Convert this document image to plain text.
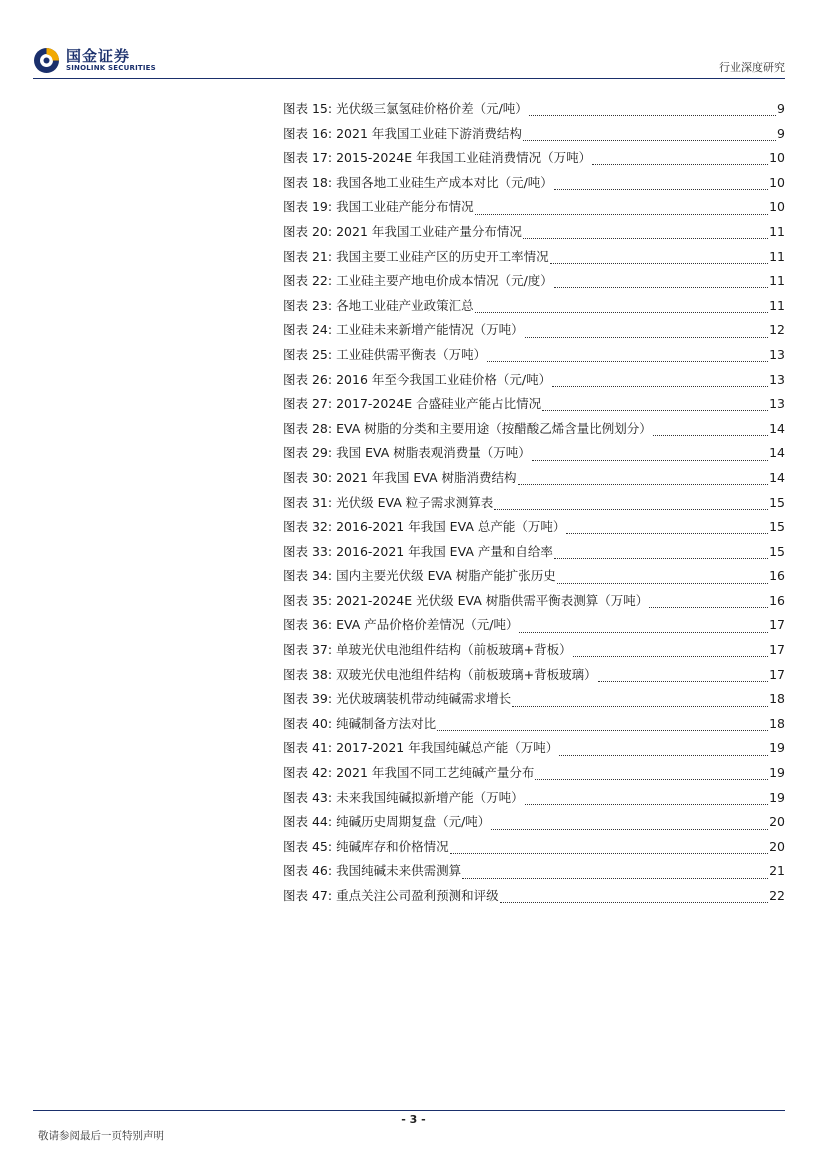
国金证券
SINOLINK SECURITIES	行业深度研究
图表 15: 光伏级三氯氢硅价格价差（元/吨）	9
图表 16: 2021 年我国工业硅下游消费结构	9
图表 17: 2015-2024E 年我国工业硅消费情况（万吨）	10
图表 18: 我国各地工业硅生产成本对比（元/吨）	10
图表 19: 我国工业硅产能分布情况	10
图表 20: 2021 年我国工业硅产量分布情况	11
图表 21: 我国主要工业硅产区的历史开工率情况	11
图表 22: 工业硅主要产地电价成本情况（元/度）	11
图表 23: 各地工业硅产业政策汇总	11
图表 24: 工业硅未来新增产能情况（万吨）	12
图表 25: 工业硅供需平衡表（万吨）	13
图表 26: 2016 年至今我国工业硅价格（元/吨）	13
图表 27: 2017-2024E 合盛硅业产能占比情况	13
图表 28: EVA 树脂的分类和主要用途（按醋酸乙烯含量比例划分）	14
图表 29: 我国 EVA 树脂表观消费量（万吨）	14
图表 30: 2021 年我国 EVA 树脂消费结构	14
图表 31: 光伏级 EVA 粒子需求测算表	15
图表 32: 2016-2021 年我国 EVA 总产能（万吨）	15
图表 33: 2016-2021 年我国 EVA 产量和自给率	15
图表 34: 国内主要光伏级 EVA 树脂产能扩张历史	16
图表 35: 2021-2024E 光伏级 EVA 树脂供需平衡表测算（万吨）	16
图表 36: EVA 产品价格价差情况（元/吨）	17
图表 37: 单玻光伏电池组件结构（前板玻璃+背板）	17
图表 38: 双玻光伏电池组件结构（前板玻璃+背板玻璃）	17
图表 39: 光伏玻璃装机带动纯碱需求增长	18
图表 40: 纯碱制备方法对比	18
图表 41: 2017-2021 年我国纯碱总产能（万吨）	19
图表 42: 2021 年我国不同工艺纯碱产量分布	19
图表 43: 未来我国纯碱拟新增产能（万吨）	19
图表 44: 纯碱历史周期复盘（元/吨）	20
图表 45: 纯碱库存和价格情况	20
图表 46: 我国纯碱未来供需测算	21
图表 47: 重点关注公司盈利预测和评级	22
- 3 -
敬请参阅最后一页特别声明
